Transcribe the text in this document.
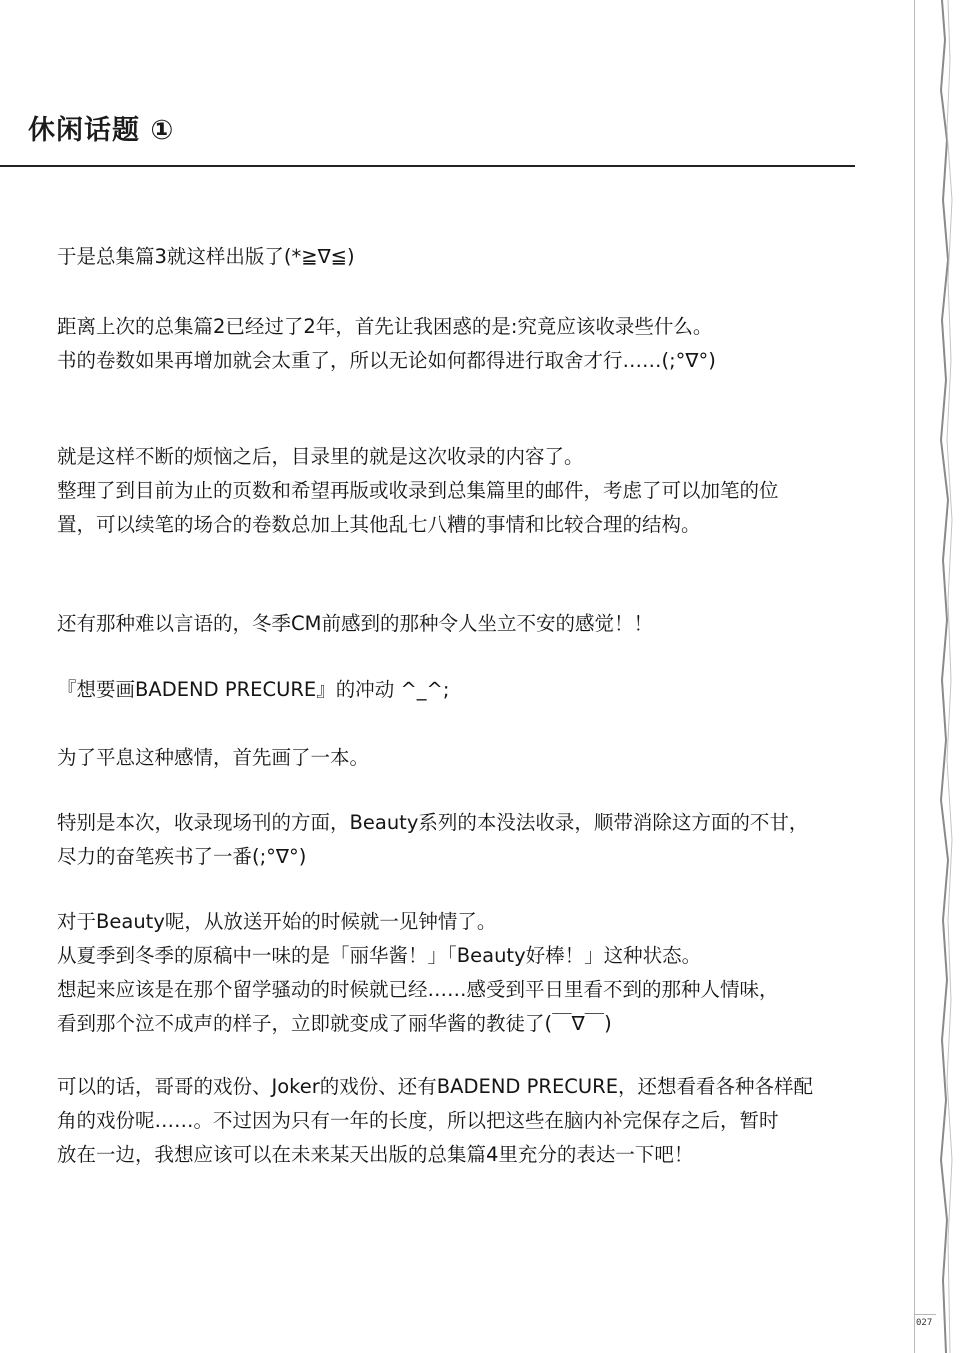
休闲话题 ①
于是总集篇3就这样出版了(*≧∇≦)
距离上次的总集篇2已经过了2年，首先让我困惑的是:究竟应该收录些什么。
书的卷数如果再增加就会太重了，所以无论如何都得进行取舍才行……(;°∇°)
就是这样不断的烦恼之后，目录里的就是这次收录的内容了。
整理了到目前为止的页数和希望再版或收录到总集篇里的邮件，考虑了可以加笔的位
置，可以续笔的场合的卷数总加上其他乱七八糟的事情和比较合理的结构。
还有那种难以言语的，冬季CM前感到的那种令人坐立不安的感觉！！
『想要画BADEND PRECURE』的冲动 ^_^;
为了平息这种感情，首先画了一本。
特别是本次，收录现场刊的方面，Beauty系列的本没法收录，顺带消除这方面的不甘，
尽力的奋笔疾书了一番(;°∇°)
对于Beauty呢，从放送开始的时候就一见钟情了。
从夏季到冬季的原稿中一味的是「丽华酱！」「Beauty好棒！」这种状态。
想起来应该是在那个留学骚动的时候就已经……感受到平日里看不到的那种人情味，
看到那个泣不成声的样子，立即就变成了丽华酱的教徒了(￣∇￣)
可以的话，哥哥的戏份、Joker的戏份、还有BADEND PRECURE，还想看看各种各样配
角的戏份呢……。不过因为只有一年的长度，所以把这些在脑内补完保存之后，暂时
放在一边，我想应该可以在未来某天出版的总集篇4里充分的表达一下吧！
027
